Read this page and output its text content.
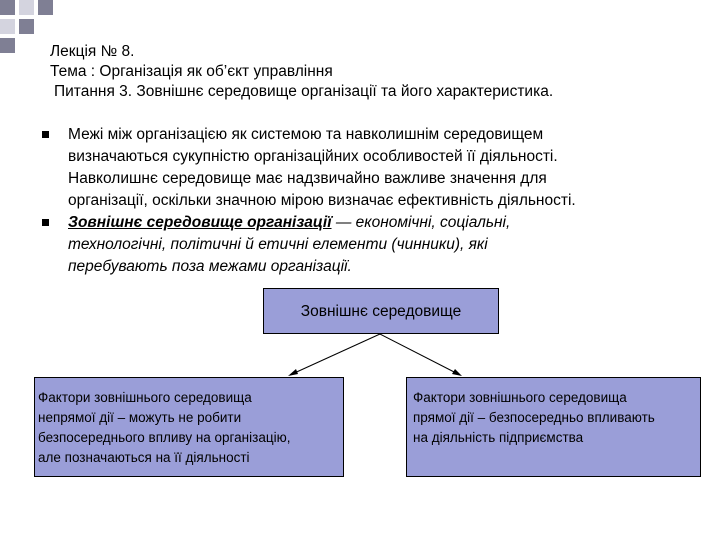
Лекція № 8.
Тема : Організація як об’єкт управління
Питання 3. Зовнішнє середовище організації та його характеристика.
Межі між організацією як системою та навколишнім середовищем
визначаються сукупністю організаційних особливостей її діяльності.
Навколишнє середовище має надзвичайно важливе значення для
організації, оскільки значною мірою визначає ефективність діяльності.
Зовнішнє середовище організації — економічні, соціальні,
технологічні, політичні й етичні елементи (чинники), які
перебувають поза межами організації.
Зовнішнє середовище
Фактори зовнішнього середовища
непрямої дії – можуть не робити
безпосереднього впливу на організацію,
але позначаються на її діяльності
Фактори зовнішнього середовища
прямої дії – безпосередньо впливають
на діяльність підприємства
